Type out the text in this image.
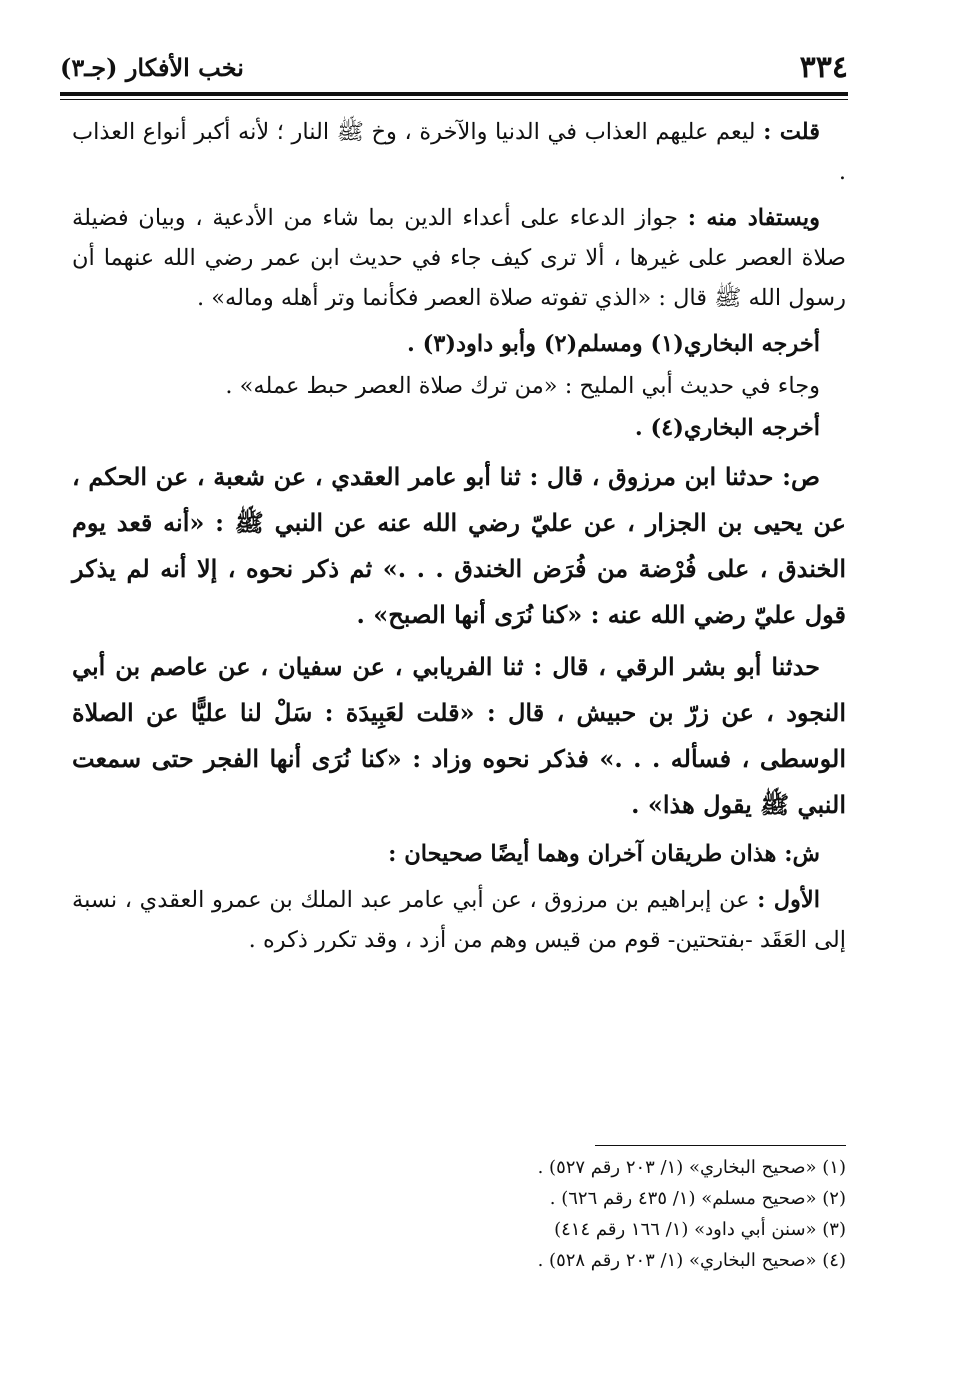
٣٣٤
نخب الأفكار (جـ٣)

قلت : ليعم عليهم العذاب في الدنيا والآخرة ، وخ ﷺ النار ؛ لأنه أكبر أنواع العذاب .

ويستفاد منه : جواز الدعاء على أعداء الدين بما شاء من الأدعية ، وبيان فضيلة صلاة العصر على غيرها ، ألا ترى كيف جاء في حديث ابن عمر رضي الله عنهما أن رسول الله ﷺ قال : «الذي تفوته صلاة العصر فكأنما وتر أهله وماله» .

أخرجه البخاري(١) ومسلم(٢) وأبو داود(٣) .

وجاء في حديث أبي المليح : «من ترك صلاة العصر حبط عمله» .

أخرجه البخاري(٤) .

ص: حدثنا ابن مرزوق ، قال : ثنا أبو عامر العقدي ، عن شعبة ، عن الحكم ، عن يحيى بن الجزار ، عن عليّ رضي الله عنه عن النبي ﷺ : «أنه قعد يوم الخندق ، على فُرْضة من فُرَض الخندق . . .» ثم ذكر نحوه ، إلا أنه لم يذكر قول عليّ رضي الله عنه : «كنا نُرَى أنها الصبح» .

حدثنا أبو بشر الرقي ، قال : ثنا الفريابي ، عن سفيان ، عن عاصم بن أبي النجود ، عن زرّ بن حبيش ، قال : «قلت لعَبِيدَة : سَلْ لنا عليًّا عن الصلاة الوسطى ، فسأله . . .» فذكر نحوه وزاد : «كنا نُرَى أنها الفجر حتى سمعت النبي ﷺ يقول هذا» .

ش: هذان طريقان آخران وهما أيضًا صحيحان :

الأول : عن إبراهيم بن مرزوق ، عن أبي عامر عبد الملك بن عمرو العقدي ، نسبة إلى العَقَد -بفتحتين- قوم من قيس وهم من أزد ، وقد تكرر ذكره .

(١) «صحيح البخاري» (١/ ٢٠٣ رقم ٥٢٧) .

(٢) «صحيح مسلم» (١/ ٤٣٥ رقم ٦٢٦) .

(٣) «سنن أبي داود» (١/ ١٦٦ رقم ٤١٤)

(٤) «صحيح البخاري» (١/ ٢٠٣ رقم ٥٢٨) .
